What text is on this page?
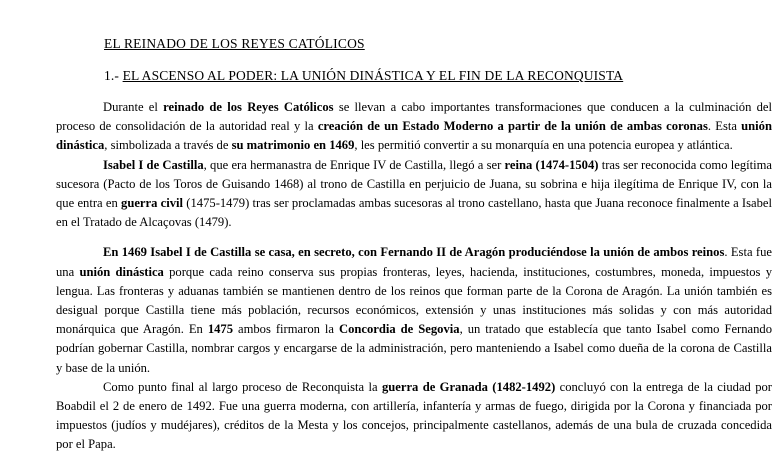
EL REINADO DE LOS REYES CATÓLICOS
1.- EL ASCENSO AL PODER: LA UNIÓN DINÁSTICA Y EL FIN DE LA RECONQUISTA

Durante el reinado de los Reyes Católicos se llevan a cabo importantes transformaciones que conducen a la culminación del proceso de consolidación de la autoridad real y la creación de un Estado Moderno a partir de la unión de ambas coronas. Esta unión dinástica, simbolizada a través de su matrimonio en 1469, les permitió convertir a su monarquía en una potencia europea y atlántica.

Isabel I de Castilla, que era hermanastra de Enrique IV de Castilla, llegó a ser reina (1474-1504) tras ser reconocida como legítima sucesora (Pacto de los Toros de Guisando 1468) al trono de Castilla en perjuicio de Juana, su sobrina e hija ilegítima de Enrique IV, con la que entra en guerra civil (1475-1479) tras ser proclamadas ambas sucesoras al trono castellano, hasta que Juana reconoce finalmente a Isabel en el Tratado de Alcaçovas (1479).

En 1469 Isabel I de Castilla se casa, en secreto, con Fernando II de Aragón produciéndose la unión de ambos reinos. Esta fue una unión dinástica porque cada reino conserva sus propias fronteras, leyes, hacienda, instituciones, costumbres, moneda, impuestos y lengua. Las fronteras y aduanas también se mantienen dentro de los reinos que forman parte de la Corona de Aragón. La unión también es desigual porque Castilla tiene más población, recursos económicos, extensión y unas instituciones más solidas y con más autoridad monárquica que Aragón. En 1475 ambos firmaron la Concordia de Segovia, un tratado que establecía que tanto Isabel como Fernando podrían gobernar Castilla, nombrar cargos y encargarse de la administración, pero manteniendo a Isabel como dueña de la corona de Castilla y base de la unión.

Como punto final al largo proceso de Reconquista la guerra de Granada (1482-1492) concluyó con la entrega de la ciudad por Boabdil el 2 de enero de 1492. Fue una guerra moderna, con artillería, infantería y armas de fuego, dirigida por la Corona y financiada por impuestos (judíos y mudéjares), créditos de la Mesta y los concejos, principalmente castellanos, además de una bula de cruzada concedida por el Papa.
